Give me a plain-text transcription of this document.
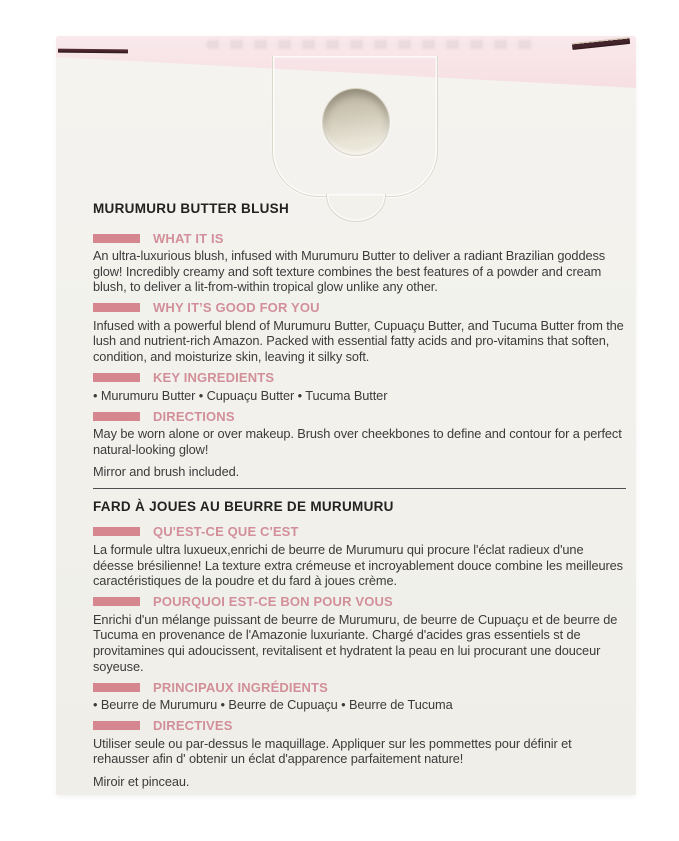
MURUMURU BUTTER BLUSH
WHAT IT IS

An ultra-luxurious blush, infused with Murumuru Butter to deliver a radiant Brazilian goddess glow! Incredibly creamy and soft texture combines the best features of a powder and cream blush, to deliver a lit-from-within tropical glow unlike any other.

WHY IT’S GOOD FOR YOU

Infused with a powerful blend of Murumuru Butter, Cupuaçu Butter, and Tucuma Butter from the lush and nutrient-rich Amazon. Packed with essential fatty acids and pro-vitamins that soften, condition, and moisturize skin, leaving it silky soft.

KEY INGREDIENTS

• Murumuru Butter • Cupuaçu Butter • Tucuma Butter

DIRECTIONS

May be worn alone or over makeup. Brush over cheekbones to define and contour for a perfect natural-looking glow!

Mirror and brush included.

FARD À JOUES AU BEURRE DE MURUMURU
QU'EST-CE QUE C'EST

La formule ultra luxueux,enrichi de beurre de Murumuru qui procure l'éclat radieux d'une déesse brésilienne! La texture extra crémeuse et incroyablement douce combine les meilleures caractéristiques de la poudre et du fard à joues crème.

POURQUOI EST-CE BON POUR VOUS

Enrichi d'un mélange puissant de beurre de Murumuru, de beurre de Cupuaçu et de beurre de Tucuma en provenance de l'Amazonie luxuriante. Chargé d'acides gras essentiels st de provitamines qui adoucissent, revitalisent et hydratent la peau en lui procurant une douceur soyeuse.

PRINCIPAUX INGRÉDIENTS

• Beurre de Murumuru • Beurre de Cupuaçu • Beurre de Tucuma

DIRECTIVES

Utiliser seule ou par-dessus le maquillage. Appliquer sur les pommettes pour définir et rehausser afin d' obtenir un éclat d'apparence parfaitement nature!

Miroir et pinceau.
